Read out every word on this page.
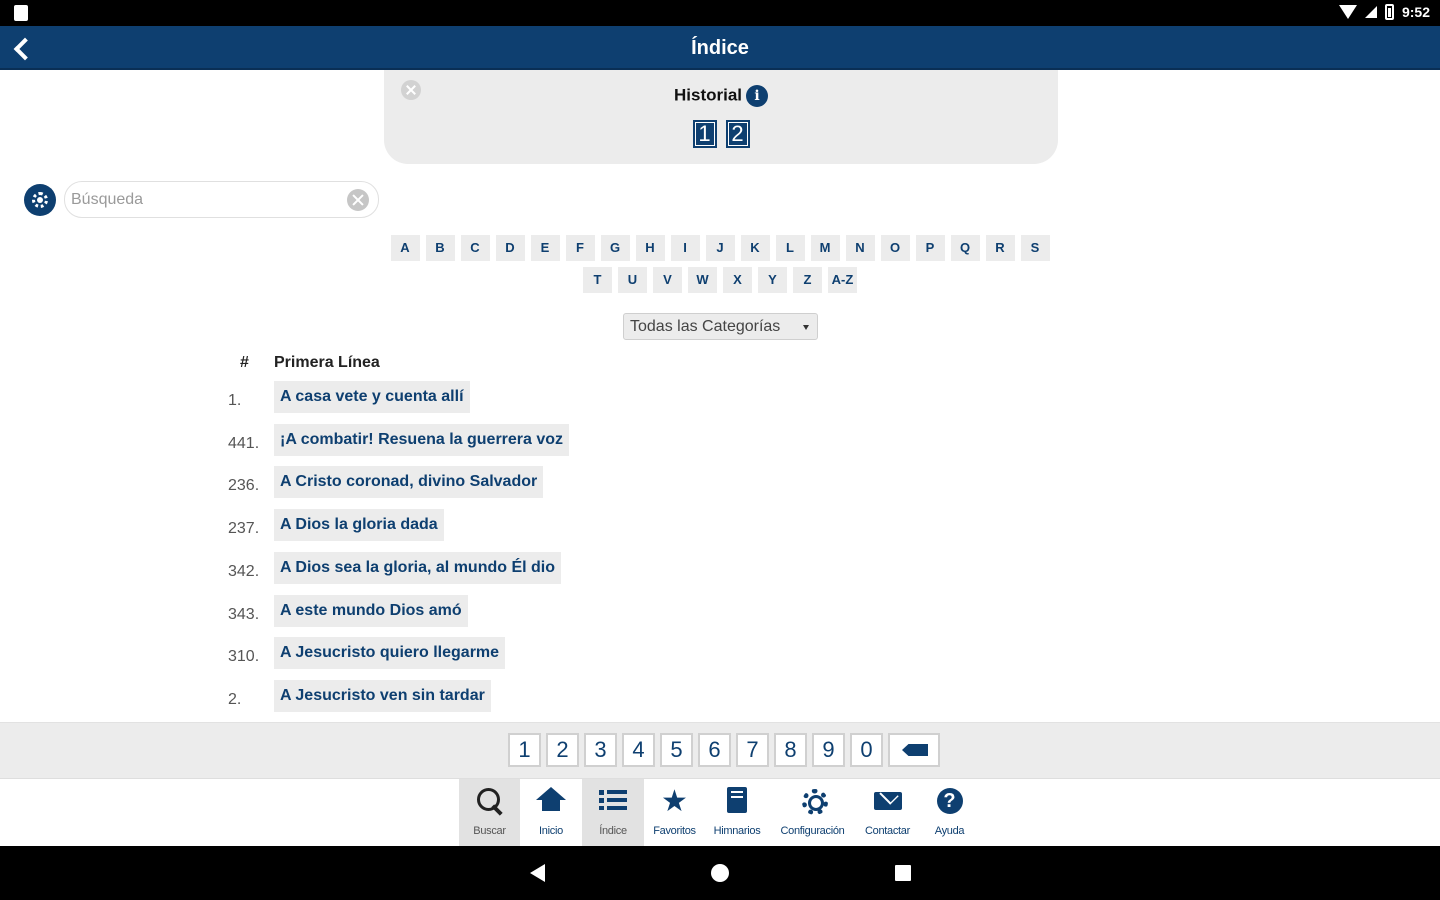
9:52
Índice
Historial i
1 2
Búsqueda
A	B	C	D	E	F	G	H	I	J	K	L	M	N	O	P	Q	R	S
T	U	V	W	X	Y	Z	A-Z
Todas las Categorías
# Primera Línea
1.	A casa vete y cuenta allí
441.	¡A combatir! Resuena la guerrera voz
236.	A Cristo coronad, divino Salvador
237.	A Dios la gloria dada
342.	A Dios sea la gloria, al mundo Él dio
343.	A este mundo Dios amó
310.	A Jesucristo quiero llegarme
2.	A Jesucristo ven sin tardar
1	2	3	4	5	6	7	8	9	0
Buscar	Inicio	Índice
★
Favoritos Himnarios Configuración Contactar
? Ayuda
